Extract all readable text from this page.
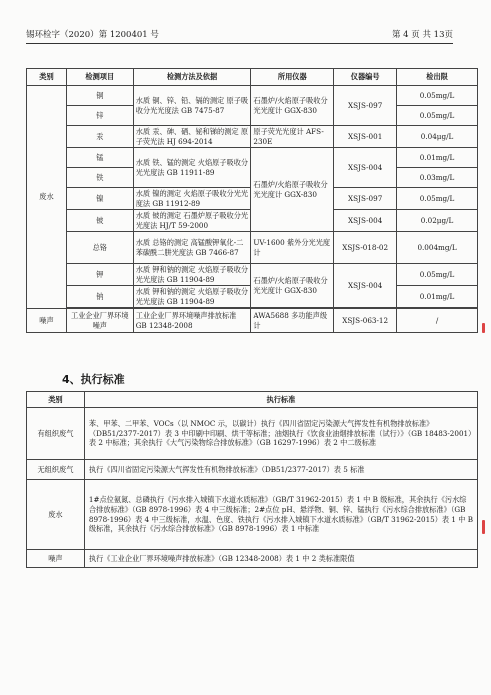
锡环检字（2020）第 1200401 号	第 4 页 共 13页
类别	检测项目	检测方法及依据	所用仪器	仪器编号	检出限
废水	铜	水质 铜、锌、铅、镉的测定 原子吸收分光光度法 GB 7475-87	石墨炉/火焰原子吸收分光光度计 GGX-830	XSJS-097	0.05mg/L
	锌				0.05mg/L
	汞	水质 汞、砷、硒、铋和锑的测定 原子荧光法 HJ 694-2014	原子荧光光度计 AFS-230E	XSJS-001	0.04μg/L
	锰	水质 铁、锰的测定 火焰原子吸收分光光度法 GB 11911-89	石墨炉/火焰原子吸收分光光度计 GGX-830	XSJS-004	0.01mg/L
	铁				0.03mg/L
	镍	水质 镍的测定 火焰原子吸收分光光度法 GB 11912-89		XSJS-097	0.05mg/L
	铍	水质 铍的测定 石墨炉原子吸收分光光度法 HJ/T 59-2000		XSJS-004	0.02μg/L
	总铬	水质 总铬的测定 高锰酸钾氧化-二苯碳酰二肼光度法 GB 7466-87	UV-1600 紫外分光光度计	XSJS-018-02	0.004mg/L
	钾	水质 钾和钠的测定 火焰原子吸收分光光度法 GB 11904-89	石墨炉/火焰原子吸收分光光度计 GGX-830	XSJS-004	0.05mg/L
	钠	水质 钾和钠的测定 火焰原子吸收分光光度法 GB 11904-89			0.01mg/L

噪声	工业企业厂界环境噪声	工业企业厂界环境噪声排放标准 GB 12348-2008	AWA5688 多功能声级计	XSJS-063-12	/
4、执行标准
类别	执行标准
有组织废气	苯、甲苯、二甲苯、VOCs（以 NMOC 示，以碳计）执行《四川省固定污染源大气挥发性有机物排放标准》（DB51/2377-2017）表 3 中印刷中印刷、烘干等标准；油烟执行《饮食业油烟排放标准（试行）》（GB 18483-2001）表 2 中标准；其余执行《大气污染物综合排放标准》（GB 16297-1996）表 2 中二级标准
无组织废气	执行《四川省固定污染源大气挥发性有机物排放标准》（DB51/2377-2017）表 5 标准
废水	1#点位氨氮、总磷执行《污水排入城镇下水道水质标准》（GB/T 31962-2015）表 1 中 B 级标准，其余执行《污水综合排放标准》（GB 8978-1996）表 4 中三级标准；2#点位 pH、悬浮物、铜、锌、锰执行《污水综合排放标准》（GB 8978-1996）表 4 中三级标准，水温、色度、铁执行《污水排入城镇下水道水质标准》（GB/T 31962-2015）表 1 中 B 级标准，其余执行《污水综合排放标准》（GB 8978-1996）表 1 中标准
噪声	执行《工业企业厂界环境噪声排放标准》（GB 12348-2008）表 1 中 2 类标准限值
